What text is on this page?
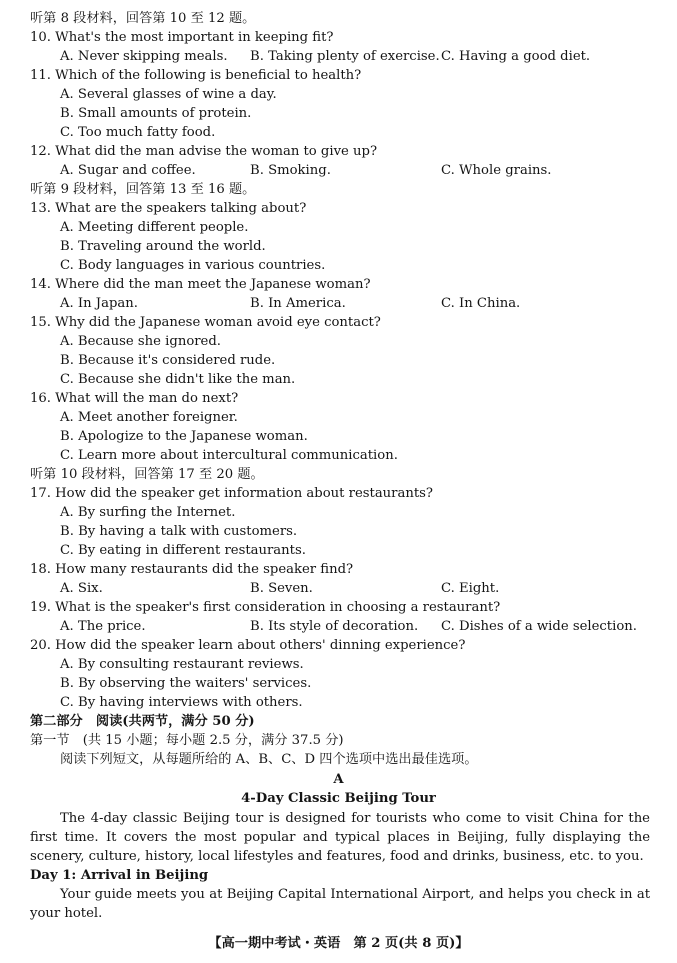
听第 8 段材料，回答第 10 至 12 题。
10. What's the most important in keeping fit?
A. Never skipping meals. B. Taking plenty of exercise. C. Having a good diet.
11. Which of the following is beneficial to health?
A. Several glasses of wine a day.
B. Small amounts of protein.
C. Too much fatty food.
12. What did the man advise the woman to give up?
A. Sugar and coffee.	B. Smoking.	C. Whole grains.
听第 9 段材料，回答第 13 至 16 题。
13. What are the speakers talking about?
A. Meeting different people.
B. Traveling around the world.
C. Body languages in various countries.
14. Where did the man meet the Japanese woman?
A. In Japan.	B. In America.	C. In China.
15. Why did the Japanese woman avoid eye contact?
A. Because she ignored.
B. Because it's considered rude.
C. Because she didn't like the man.
16. What will the man do next?
A. Meet another foreigner.
B. Apologize to the Japanese woman.
C. Learn more about intercultural communication.
听第 10 段材料，回答第 17 至 20 题。
17. How did the speaker get information about restaurants?
A. By surfing the Internet.
B. By having a talk with customers.
C. By eating in different restaurants.
18. How many restaurants did the speaker find?
A. Six.	B. Seven.	C. Eight.
19. What is the speaker's first consideration in choosing a restaurant?
A. The price.	B. Its style of decoration. C. Dishes of a wide selection.
20. How did the speaker learn about others' dinning experience?
A. By consulting restaurant reviews.
B. By observing the waiters' services.
C. By having interviews with others.
第二部分　阅读(共两节，满分 50 分)
第一节　(共 15 小题；每小题 2.5 分，满分 37.5 分)
阅读下列短文，从每题所给的 A、B、C、D 四个选项中选出最佳选项。
A
4-Day Classic Beijing Tour
The 4-day classic Beijing tour is designed for tourists who come to visit China for the first time. It covers the most popular and typical places in Beijing, fully displaying the scenery, culture, history, local lifestyles and features, food and drinks, business, etc. to you.
Day 1: Arrival in Beijing
Your guide meets you at Beijing Capital International Airport, and helps you check in at your hotel.
【高一期中考试・英语　第 2 页(共 8 页)】
